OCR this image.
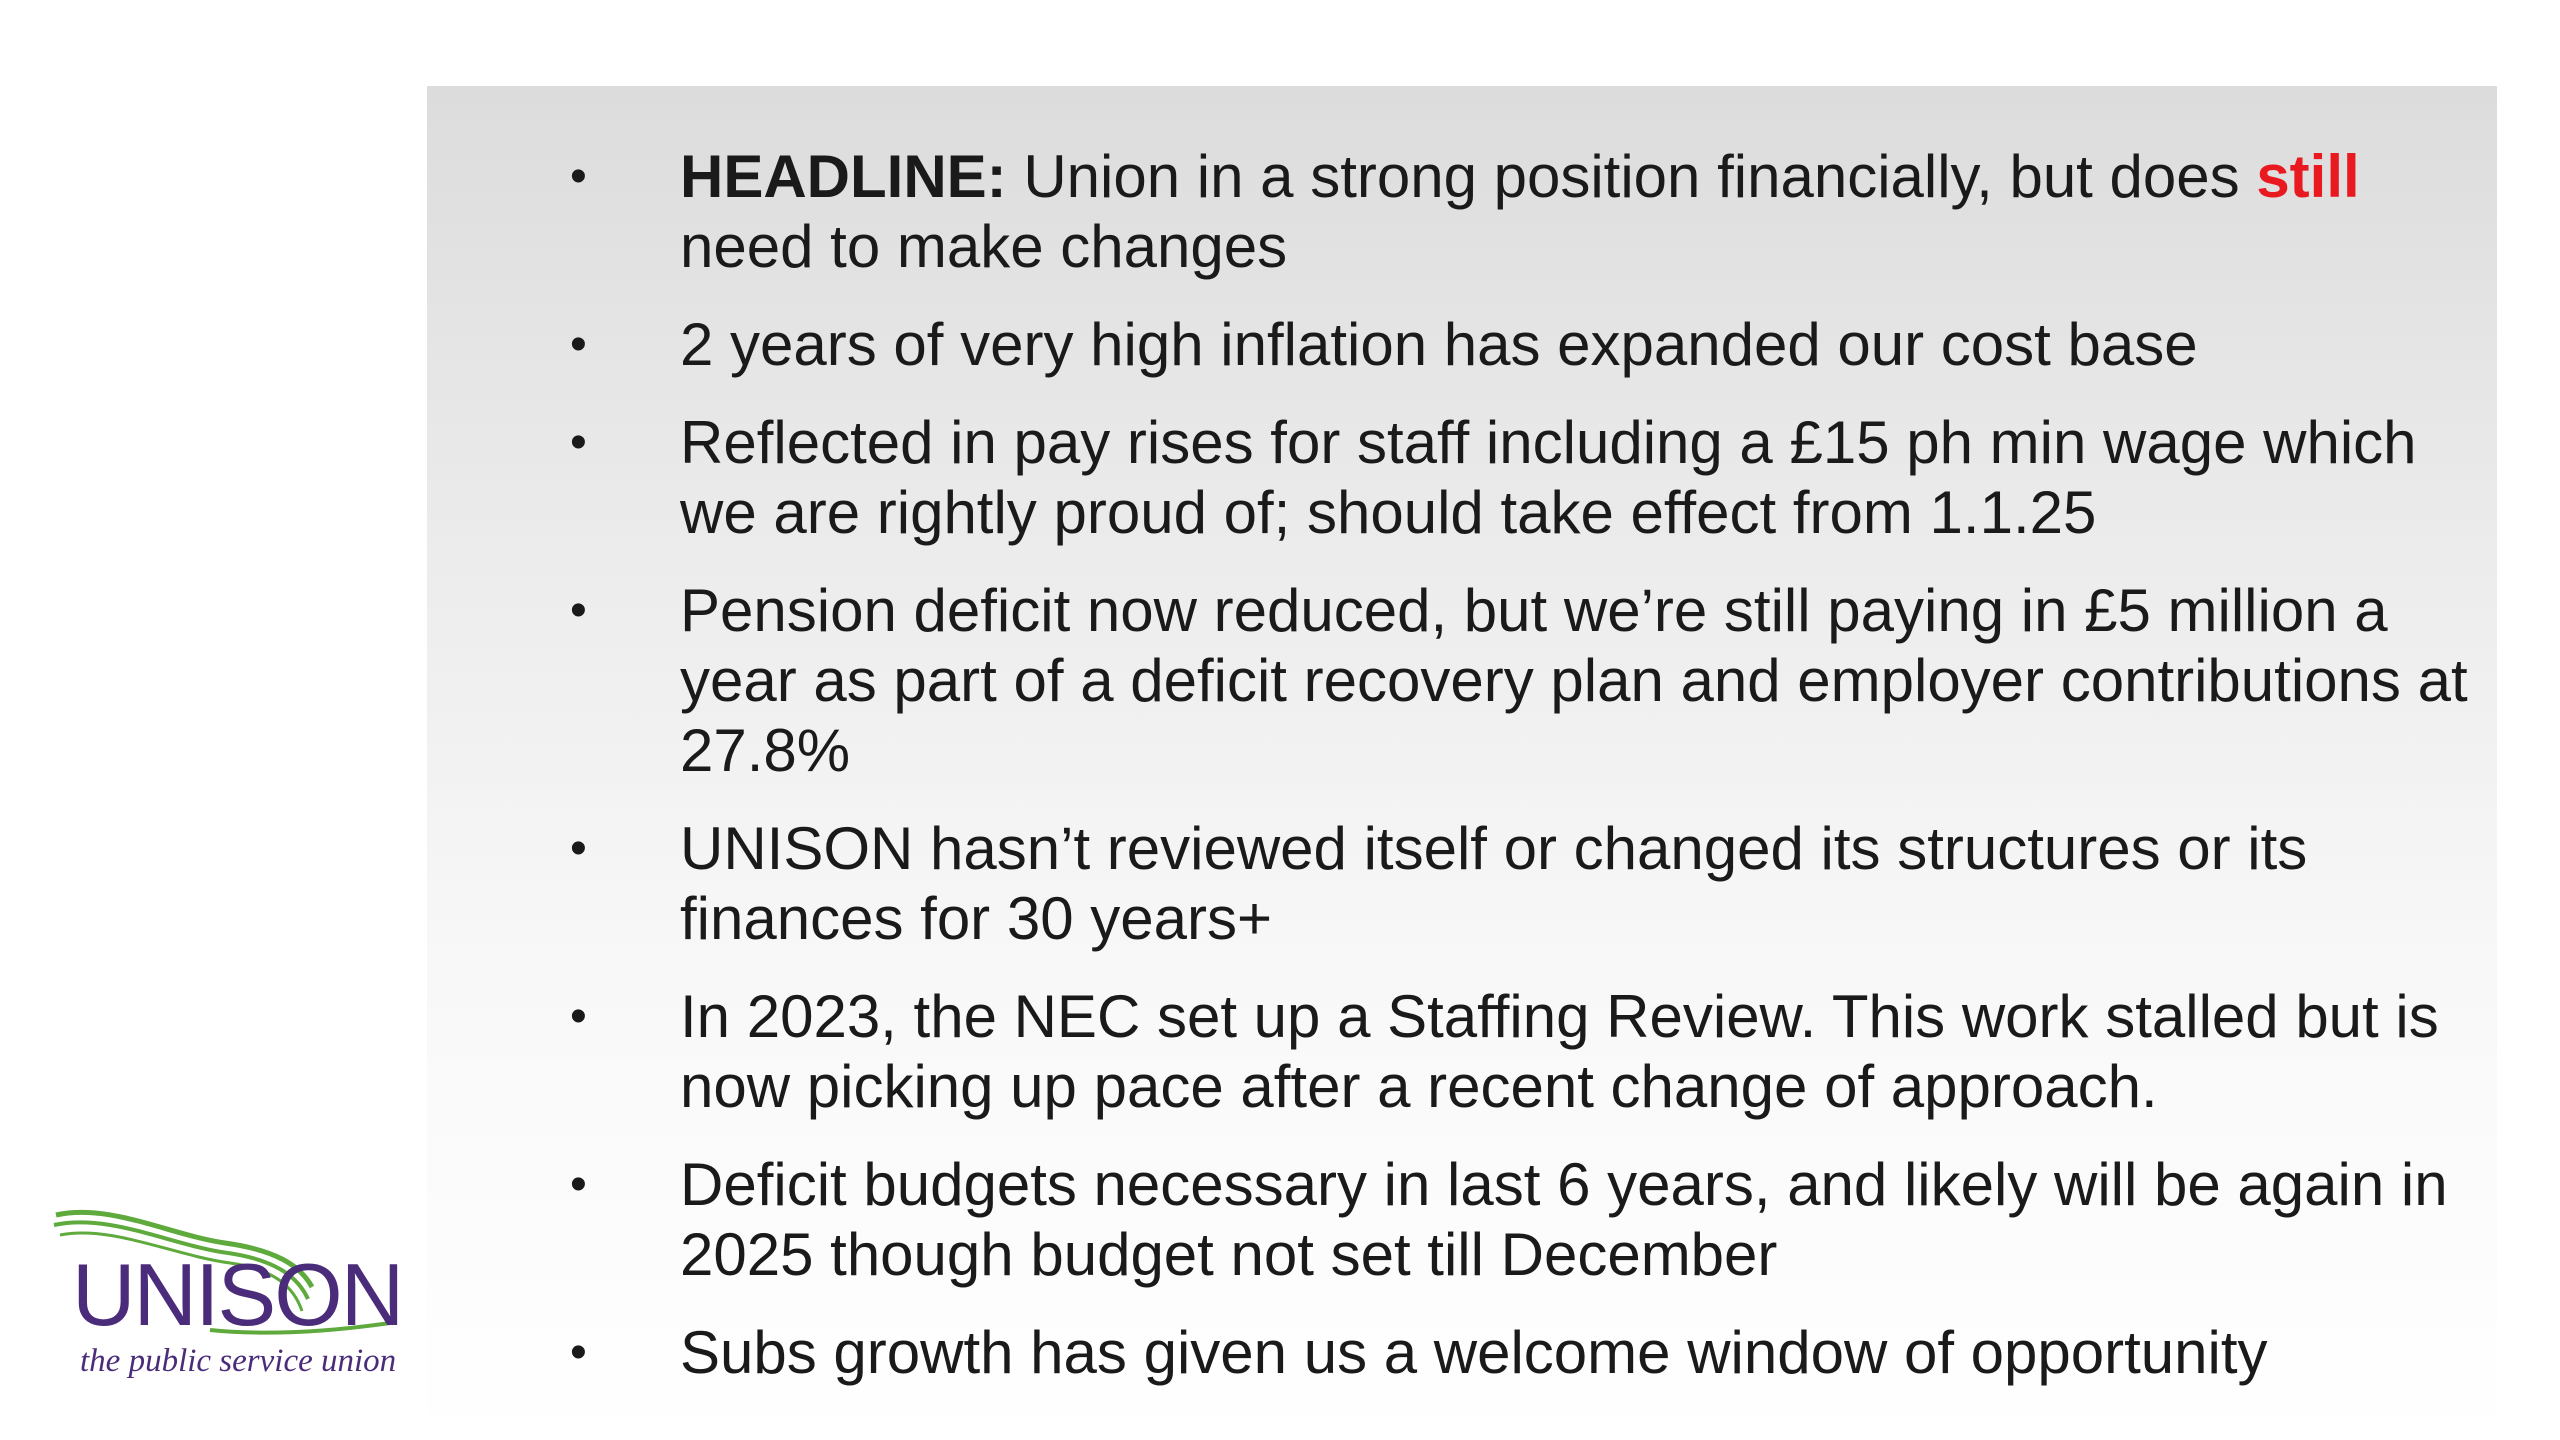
•	HEADLINE: Union in a strong position financially, but does still need to make changes
•	2 years of very high inflation has expanded our cost base
•	Reflected in pay rises for staff including a £15 ph min wage which we are rightly proud of; should take effect from 1.1.25
•	Pension deficit now reduced, but we’re still paying in £5 million a year as part of a deficit recovery plan and employer contributions at 27.8%
•	UNISON hasn’t reviewed itself or changed its structures or its finances for 30 years+
•	In 2023, the NEC set up a Staffing Review. This work stalled but is now picking up pace after a recent change of approach.
•	Deficit budgets necessary in last 6 years, and likely will be again in 2025 though budget not set till December
•	Subs growth has given us a welcome window of opportunity
UNISON
the public service union
